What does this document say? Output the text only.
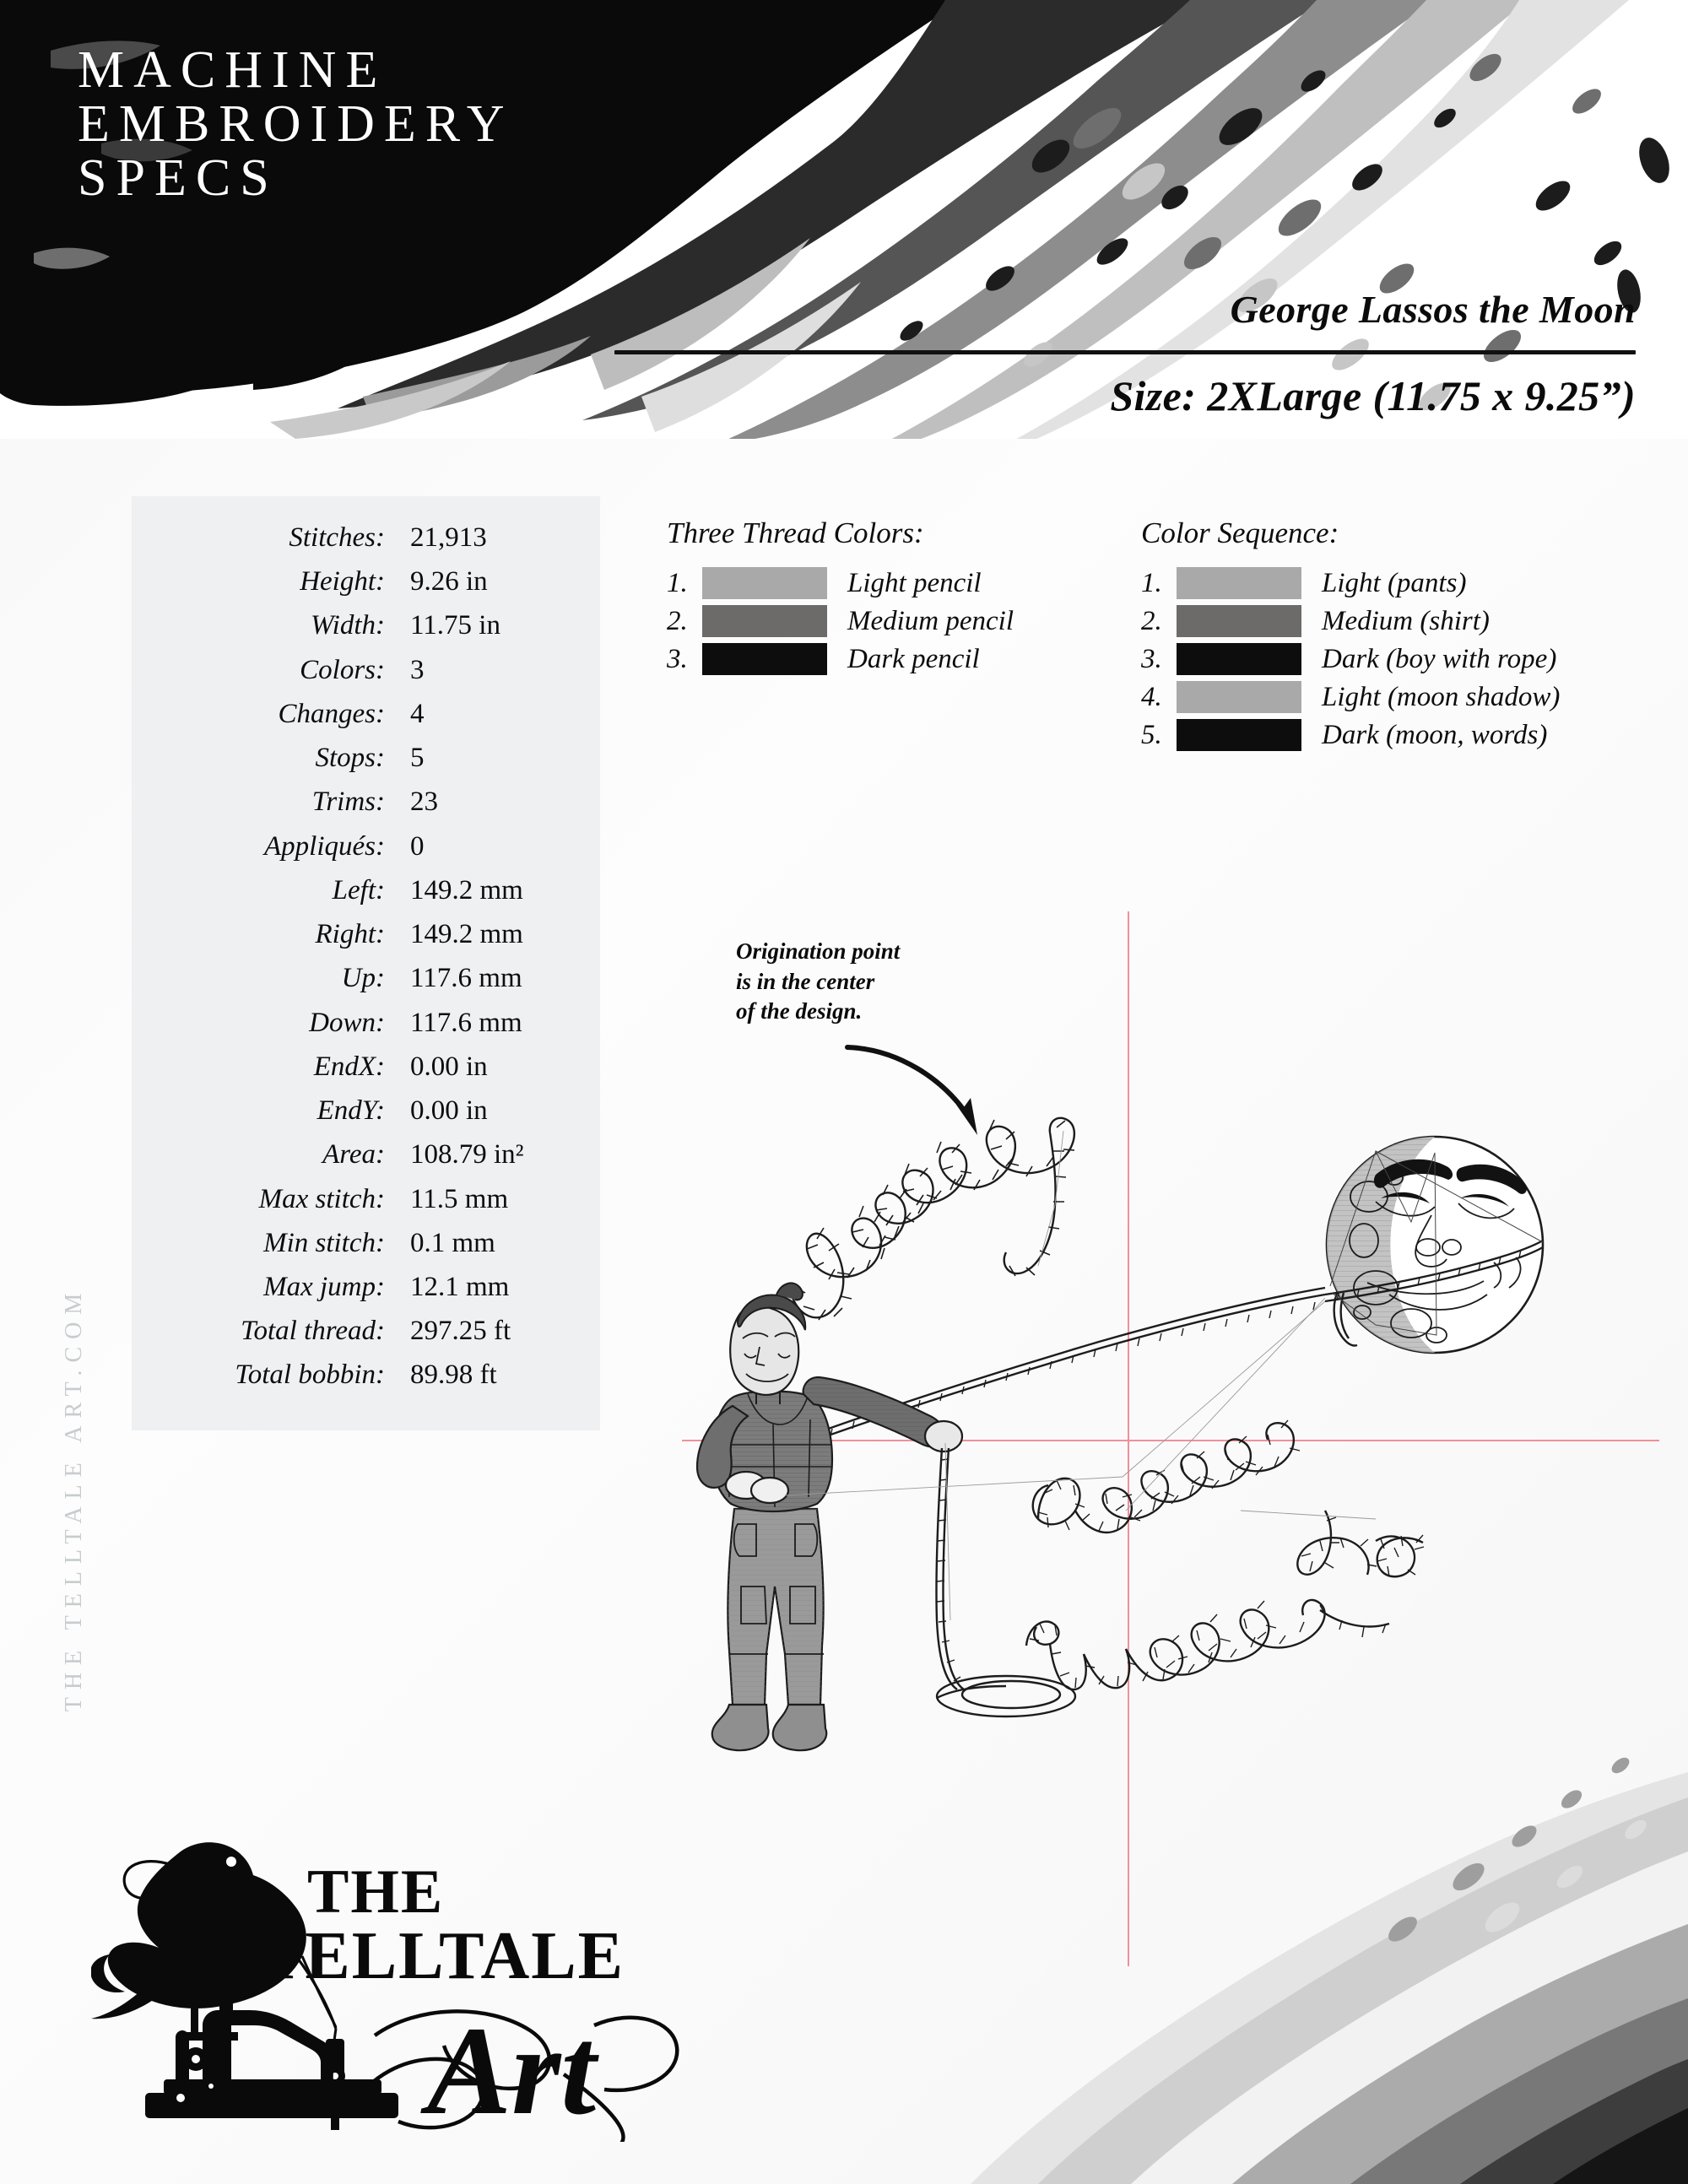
MACHINE
EMBROIDERY
SPECS
George Lassos the Moon
Size: 2XLarge (11.75 x 9.25”)
Stitches: 21,913
Height: 9.26 in
Width: 11.75 in
Colors: 3
Changes: 4
Stops: 5
Trims: 23
Appliqués: 0
Left: 149.2 mm
Right: 149.2 mm
Up: 117.6 mm
Down: 117.6 mm
EndX: 0.00 in
EndY: 0.00 in
Area: 108.79 in²
Max stitch: 11.5 mm
Min stitch: 0.1 mm
Max jump: 12.1 mm
Total thread: 297.25 ft
Total bobbin: 89.98 ft
Three Thread Colors:
1.	Light pencil
2.	Medium pencil
3.	Dark pencil
Color Sequence:
1.	Light (pants)
2.	Medium (shirt)
3.	Dark (boy with rope)
4.	Light (moon shadow)
5.	Dark (moon, words)
Origination point
is in the center
of the design.
THE TELLTALE ART.COM
THE
TELLTALE
Art
